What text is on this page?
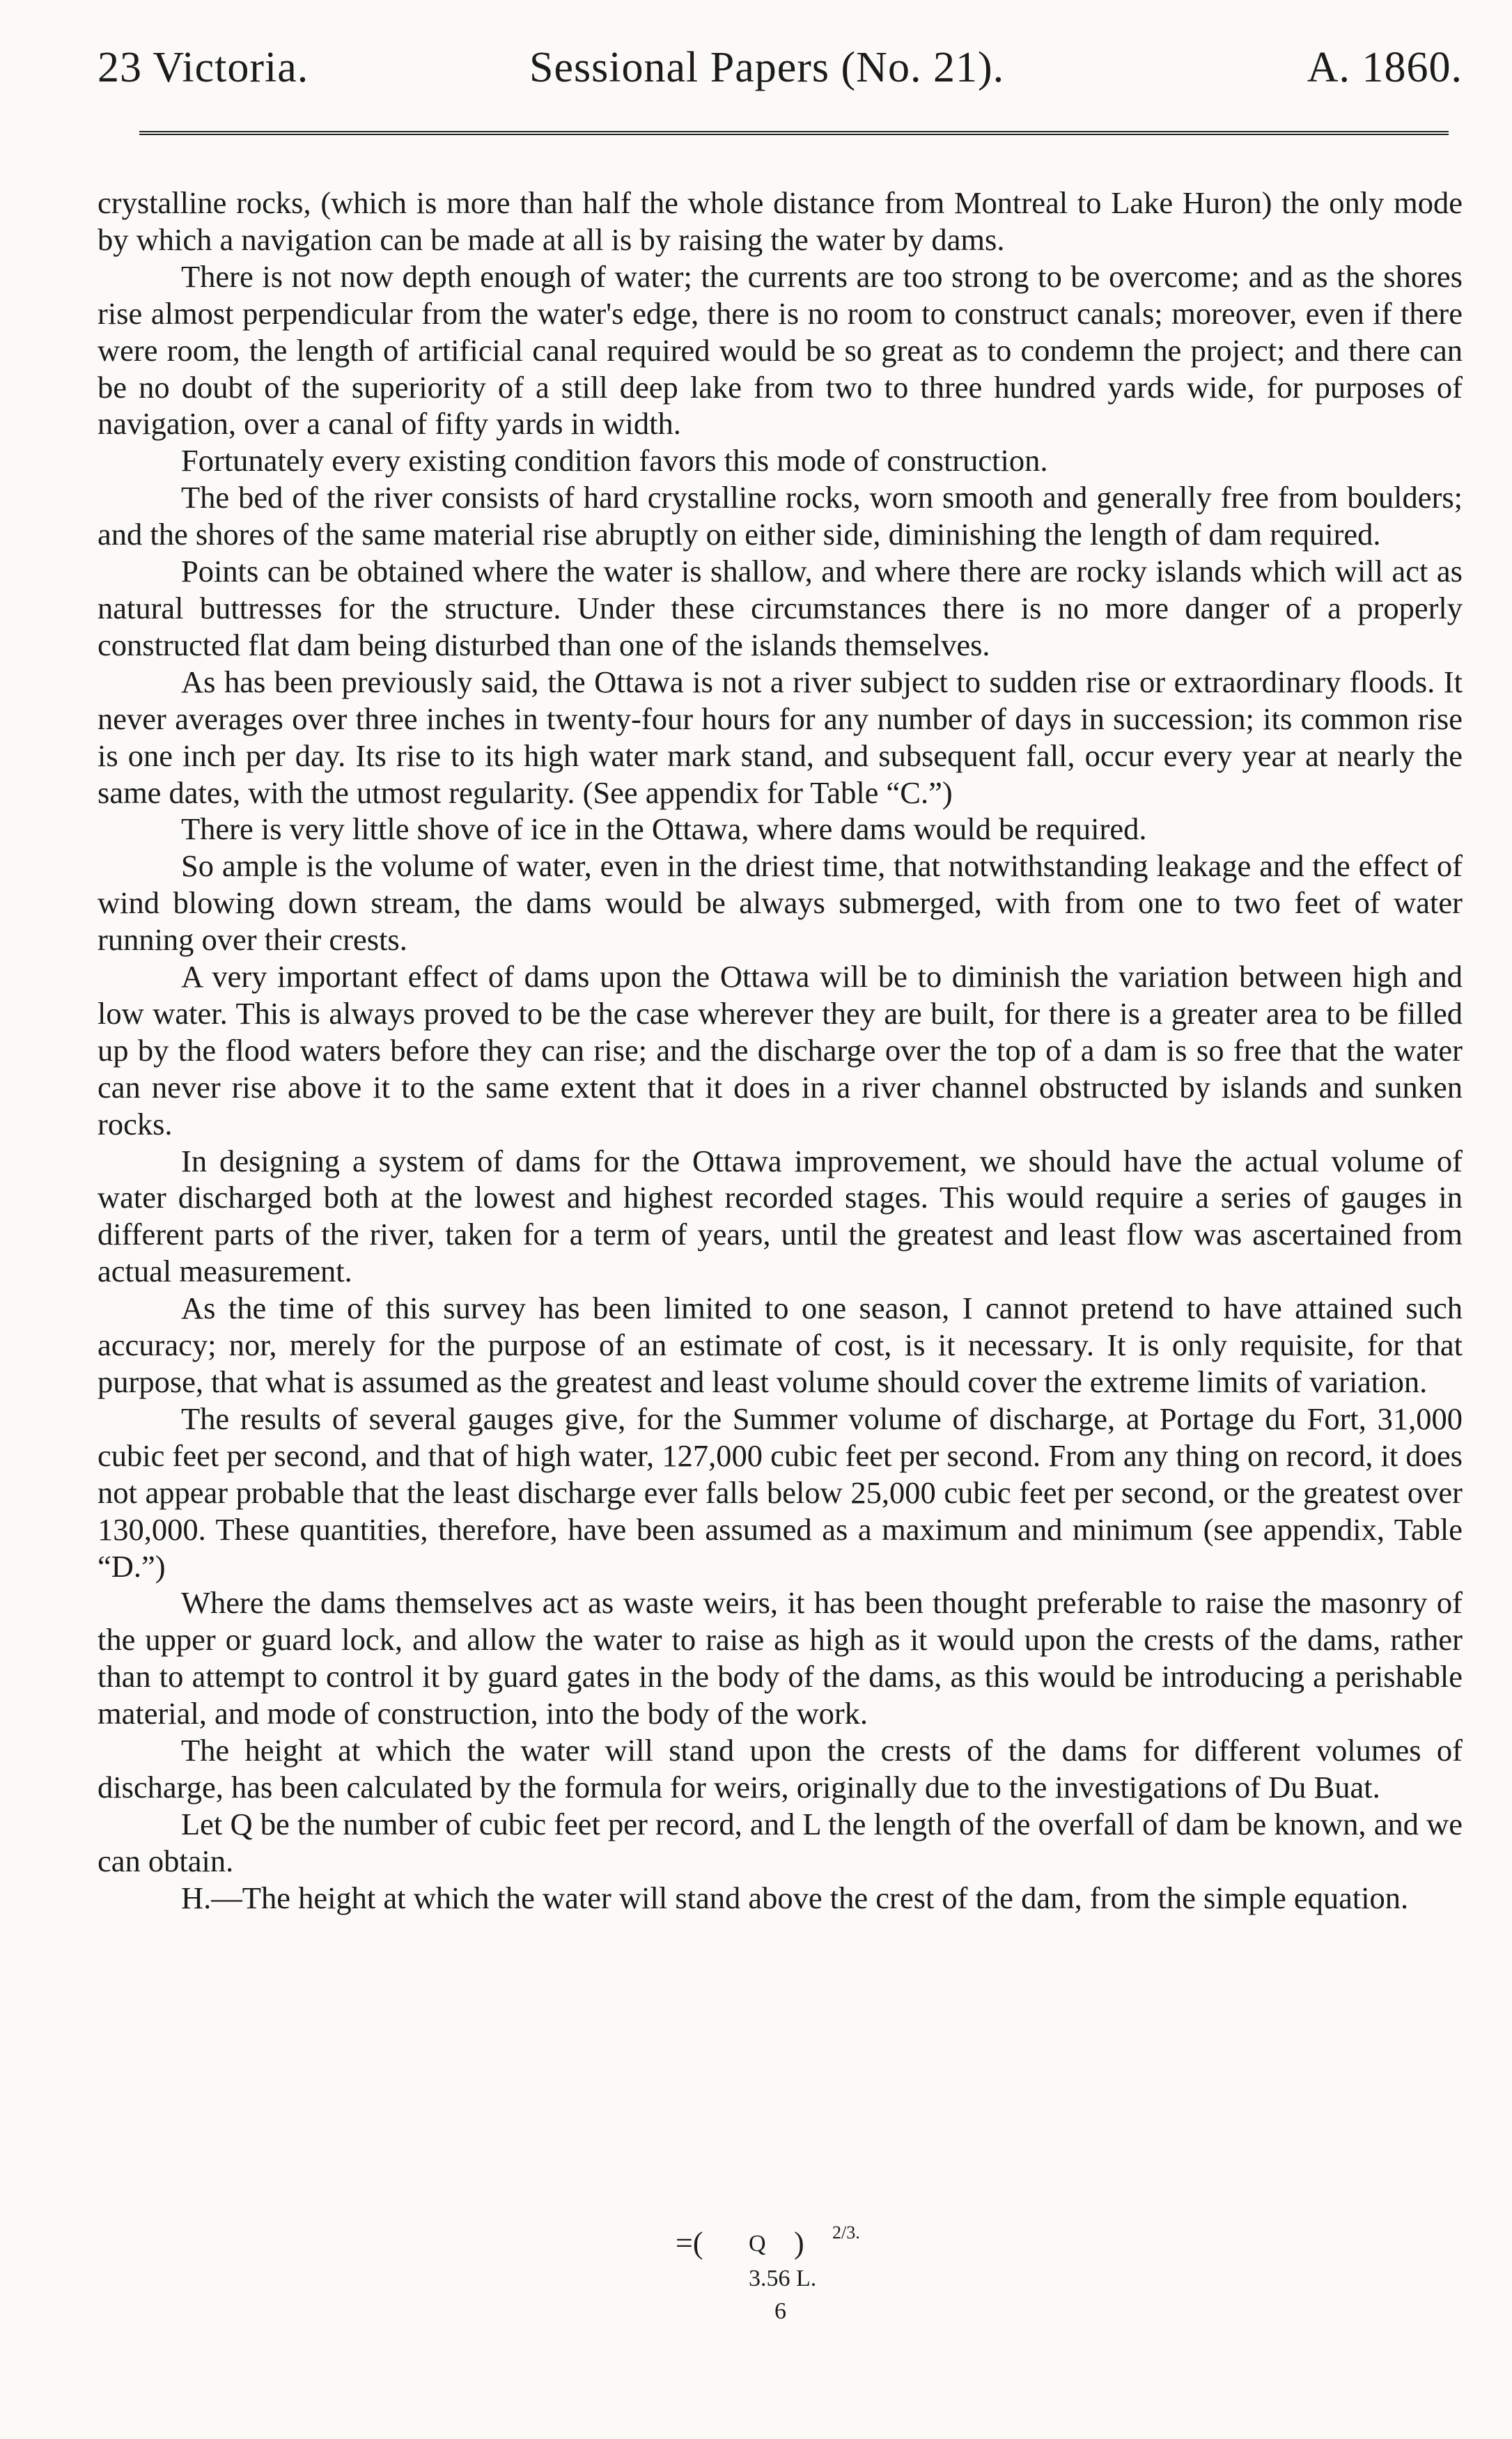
23 Victoria.	Sessional Papers (No. 21).	A. 1860.

crystalline rocks, (which is more than half the whole distance from Montreal to Lake Huron) the only mode by which a navigation can be made at all is by raising the water by dams.

There is not now depth enough of water; the currents are too strong to be overcome; and as the shores rise almost perpendicular from the water's edge, there is no room to construct canals; moreover, even if there were room, the length of artificial canal required would be so great as to condemn the project; and there can be no doubt of the superiority of a still deep lake from two to three hundred yards wide, for purposes of navigation, over a canal of fifty yards in width.

Fortunately every existing condition favors this mode of construction.

The bed of the river consists of hard crystalline rocks, worn smooth and generally free from boulders; and the shores of the same material rise abruptly on either side, diminishing the length of dam required.

Points can be obtained where the water is shallow, and where there are rocky islands which will act as natural buttresses for the structure. Under these circumstances there is no more danger of a properly constructed flat dam being disturbed than one of the islands themselves.

As has been previously said, the Ottawa is not a river subject to sudden rise or extraordinary floods. It never averages over three inches in twenty-four hours for any number of days in succession; its common rise is one inch per day. Its rise to its high water mark stand, and subsequent fall, occur every year at nearly the same dates, with the utmost regularity. (See appendix for Table “C.”)

There is very little shove of ice in the Ottawa, where dams would be required.

So ample is the volume of water, even in the driest time, that notwithstanding leakage and the effect of wind blowing down stream, the dams would be always submerged, with from one to two feet of water running over their crests.

A very important effect of dams upon the Ottawa will be to diminish the variation between high and low water. This is always proved to be the case wherever they are built, for there is a greater area to be filled up by the flood waters before they can rise; and the discharge over the top of a dam is so free that the water can never rise above it to the same extent that it does in a river channel obstructed by islands and sunken rocks.

In designing a system of dams for the Ottawa improvement, we should have the actual volume of water discharged both at the lowest and highest recorded stages. This would require a series of gauges in different parts of the river, taken for a term of years, until the greatest and least flow was ascertained from actual measurement.

As the time of this survey has been limited to one season, I cannot pretend to have attained such accuracy; nor, merely for the purpose of an estimate of cost, is it necessary. It is only requisite, for that purpose, that what is assumed as the greatest and least volume should cover the extreme limits of variation.

The results of several gauges give, for the Summer volume of discharge, at Portage du Fort, 31,000 cubic feet per second, and that of high water, 127,000 cubic feet per second. From any thing on record, it does not appear probable that the least discharge ever falls below 25,000 cubic feet per second, or the greatest over 130,000. These quantities, therefore, have been assumed as a maximum and minimum (see appendix, Table “D.”)

Where the dams themselves act as waste weirs, it has been thought preferable to raise the masonry of the upper or guard lock, and allow the water to raise as high as it would upon the crests of the dams, rather than to attempt to control it by guard gates in the body of the dams, as this would be introducing a perishable material, and mode of construction, into the body of the work.

The height at which the water will stand upon the crests of the dams for different volumes of discharge, has been calculated by the formula for weirs, originally due to the investigations of Du Buat.

Let Q be the number of cubic feet per record, and L the length of the overfall of dam be known, and we can obtain.

H.—The height at which the water will stand above the crest of the dam, from the simple equation.

=( Q
3.56 L.
) 2/3.
6
